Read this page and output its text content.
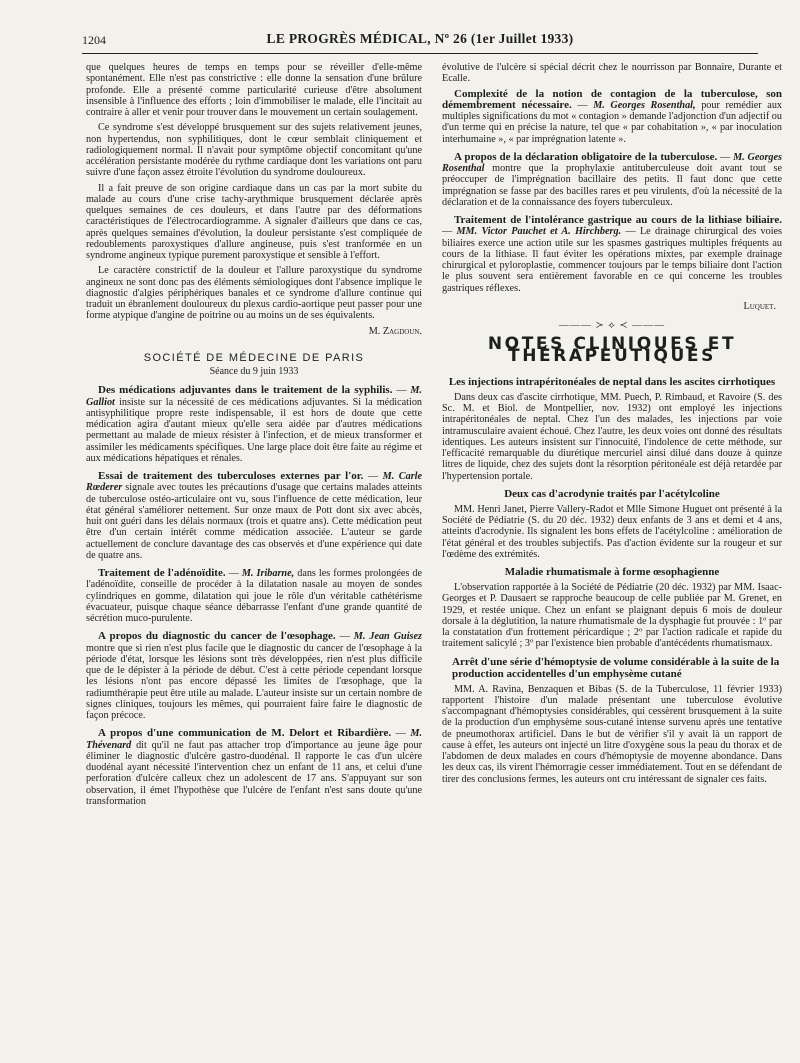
1204	LE PROGRÈS MÉDICAL, Nº 26 (1er Juillet 1933)

que quelques heures de temps en temps pour se réveiller d'elle-même spontanément. Elle n'est pas constrictive : elle donne la sensation d'une brûlure profonde. Elle a présenté comme particularité curieuse d'être absolument insensible à l'influence des efforts ; loin d'immobiliser le malade, elle l'incitait au contraire à aller et venir pour trouver dans le mouvement un certain soulagement.

Ce syndrome s'est développé brusquement sur des sujets relativement jeunes, non hypertendus, non syphilitiques, dont le cœur semblait cliniquement et radiologiquement normal. Il n'avait pour symptôme objectif concomitant qu'une accélération persistante modérée du rythme cardiaque dont les variations ont paru suivre d'une façon assez étroite l'évolution du syndrome douloureux.

Il a fait preuve de son origine cardiaque dans un cas par la mort subite du malade au cours d'une crise tachy-arythmique brusquement déclarée après quelques semaines de ces douleurs, et dans l'autre par des déformations caractéristiques de l'électrocardiogramme. A signaler d'ailleurs que dans ce cas, après quelques semaines d'évolution, la douleur persistante s'est compliquée de redoublements paroxystiques d'allure angineuse, puis s'est tranformée en un syndrome angineux typique purement paroxystique et sensible à l'effort.

Le caractère constrictif de la douleur et l'allure paroxystique du syndrome angineux ne sont donc pas des éléments sémiologiques dont l'absence implique le diagnostic d'algies périphériques banales et ce syndrome d'allure continue qui traduit un ébranlement douloureux du plexus cardio-aortique peut passer pour une forme atypique d'angine de poitrine ou au moins un de ses équivalents.

M. Zagdoun.
SOCIÉTÉ DE MÉDECINE DE PARIS
Séance du 9 juin 1933
Des médications adjuvantes dans le traitement de la syphilis. — M. Galliot insiste sur la nécessité de ces médications adjuvantes. Si la médication antisyphilitique propre reste indispensable, il est hors de doute que cette médication agira d'autant mieux qu'elle sera aidée par d'autres médications permettant au malade de mieux résister à l'infection, et de mieux transformer et assimiler les médicaments spécifiques. Une large place doit être faite au régime et aux médications hépatiques et rénales.
Essai de traitement des tuberculoses externes par l'or. — M. Carle Rœderer signale avec toutes les précautions d'usage que certains malades atteints de tuberculose ostéo-articulaire ont vu, sous l'influence de cette médication, leur état général s'améliorer nettement. Sur onze maux de Pott dont six avec abcès, huit ont guéri dans les délais normaux (trois et quatre ans). Cette médication peut être d'un certain intérêt comme médication associée. L'auteur se garde actuellement de conclure davantage des cas observés et d'une expérience qui date de quatre ans.
Traitement de l'adénoïdite. — M. Iribarne, dans les formes prolongées de l'adénoïdite, conseille de procéder à la dilatation nasale au moyen de sondes cylindriques en gomme, dilatation qui joue le rôle d'un véritable cathétérisme évacuateur, puisque chaque séance débarrasse l'enfant d'une grande quantité de sécrétion muco-purulente.
A propos du diagnostic du cancer de l'œsophage. — M. Jean Guisez montre que si rien n'est plus facile que le diagnostic du cancer de l'œsophage à la période d'état, lorsque les lésions sont très développées, rien n'est plus difficile que de le dépister à la période de début. C'est à cette période cependant lorsque les lésions n'ont pas encore dépassé les limites de l'œsophage, que la radiumthérapie peut être utile au malade. L'auteur insiste sur un certain nombre de signes cliniques, toujours les mêmes, qui pourraient faire faire le diagnostic de façon précoce.
A propos d'une communication de M. Delort et Ribardière. — M. Thévenard dit qu'il ne faut pas attacher trop d'importance au jeune âge pour éliminer le diagnostic d'ulcère gastro-duodénal. Il rapporte le cas d'un ulcère duodénal ayant nécessité l'intervention chez un enfant de 11 ans, et celui d'une perforation d'ulcère calleux chez un adolescent de 17 ans. S'appuyant sur son observation, il émet l'hypothèse que l'ulcère de l'enfant n'est sans doute qu'une transformation

évolutive de l'ulcère si spécial décrit chez le nourrisson par Bonnaire, Durante et Ecalle.

Complexité de la notion de contagion de la tuberculose, son démembrement nécessaire. — M. Georges Rosenthal, pour remédier aux multiples significations du mot « contagion » demande l'adjonction d'un adjectif ou d'un terme qui en précise la nature, tel que « par cohabitation », « par inoculation interhumaine », « par imprégnation latente ».
A propos de la déclaration obligatoire de la tuberculose. — M. Georges Rosenthal montre que la prophylaxie antituberculeuse doit avant tout se préoccuper de l'imprégnation bacillaire des petits. Il faut donc que cette imprégnation se fasse par des bacilles rares et peu virulents, d'où la nécessité de la déclaration et de la connaissance des foyers tuberculeux.
Traitement de l'intolérance gastrique au cours de la lithiase biliaire. — MM. Victor Pauchet et A. Hirchberg. — Le drainage chirurgical des voies biliaires exerce une action utile sur les spasmes gastriques multiples fréquents au cours de la lithiase. Il faut éviter les opérations mixtes, par exemple drainage chirurgical et pyloroplastie, commencer toujours par le temps biliaire dont l'action le plus souvent sera entièrement favorable en ce qui concerne les troubles gastriques réflexes.
Luquet.
——— ≻ ⟡ ≺ ———
NOTES CLINIQUES ET THÉRAPEUTIQUES
Les injections intrapéritonéales de neptal dans les ascites cirrhotiques

Dans deux cas d'ascite cirrhotique, MM. Puech, P. Rimbaud, et Ravoire (S. des Sc. M. et Biol. de Montpellier, nov. 1932) ont employé les injections intrapéritonéales de neptal. Chez l'un des malades, les injections par voie intramusculaire avaient échoué. Chez l'autre, les deux voies ont donné des résultats identiques. Les auteurs insistent sur l'innocuité, l'indolence de cette méthode, sur l'efficacité remarquable du diurétique mercuriel ainsi dilué dans douze à quinze litres de liquide, chez des sujets dont la résorption péritonéale est déjà retardée par l'hypertension portale.

Deux cas d'acrodynie traités par l'acétylcoline

MM. Henri Janet, Pierre Vallery-Radot et Mlle Simone Huguet ont présenté à la Société de Pédiatrie (S. du 20 déc. 1932) deux enfants de 3 ans et demi et 4 ans, atteints d'acrodynie. Ils signalent les bons effets de l'acétylcoline : amélioration de l'état général et des troubles subjectifs. Pas d'action évidente sur la rougeur et sur l'œdème des extrémités.

Maladie rhumatismale à forme œsophagienne

L'observation rapportée à la Société de Pédiatrie (20 déc. 1932) par MM. Isaac-Georges et P. Dausaert se rapproche beaucoup de celle publiée par M. Grenet, en 1929, et restée unique. Chez un enfant se plaignant depuis 6 mois de douleur dorsale à la déglutition, la nature rhumatismale de la dysphagie fut prouvée : 1º par la constatation d'un frottement péricardique ; 2º par l'action radicale et rapide du traitement salicylé ; 3º par l'existence bien probable d'antécédents rhumatismaux.

Arrêt d'une série d'hémoptysie de volume considérable à la suite de la production accidentelles d'un emphysème cutané

MM. A. Ravina, Benzaquen et Bibas (S. de la Tuberculose, 11 février 1933) rapportent l'histoire d'un malade présentant une tuberculose évolutive s'accompagnant d'hémoptysies considérables, qui cessèrent brusquement à la suite de la production d'un emphysème sous-cutané intense survenu après une tentative de pneumothorax artificiel. Dans le but de vérifier s'il y avait là un rapport de cause à effet, les auteurs ont injecté un litre d'oxygène sous la peau du thorax et de l'abdomen de deux malades en cours d'hémoptysie de moyenne abondance. Dans les deux cas, ils virent l'hémorragie cesser immédiatement. Tout en se défendant de tirer des conclusions fermes, les auteurs ont cru intéressant de signaler ces faits.
